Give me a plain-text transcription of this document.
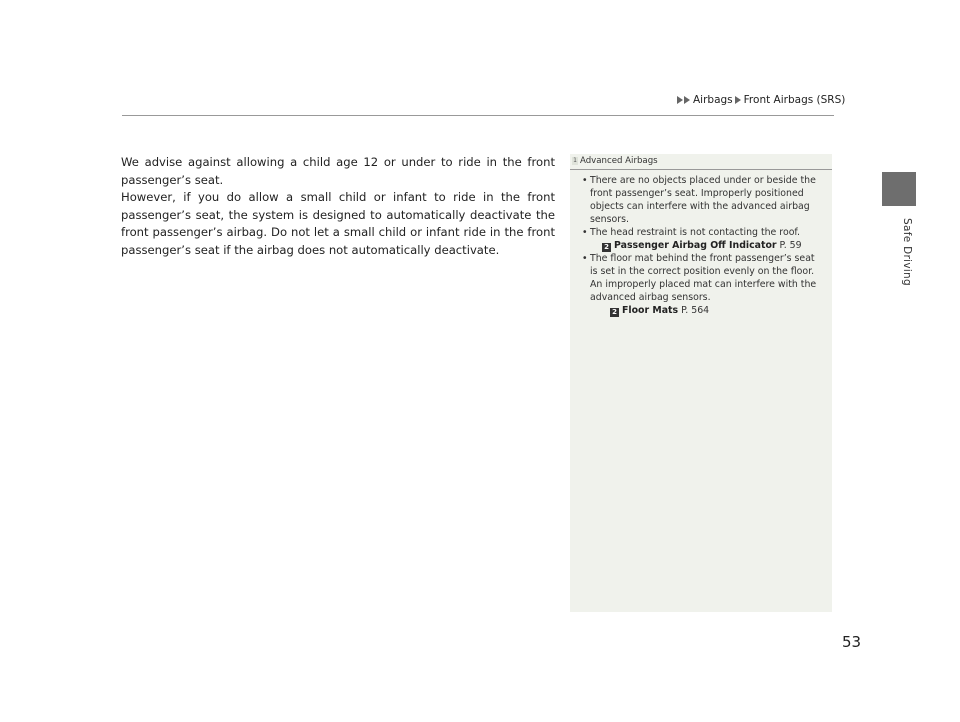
Airbags Front Airbags (SRS)
Safe Driving

We advise against allowing a child age 12 or under to ride in the front passenger’s seat.

However, if you do allow a small child or infant to ride in the front passenger’s seat, the system is designed to automatically deactivate the front passenger’s airbag. Do not let a small child or infant ride in the front passenger’s seat if the airbag does not automatically deactivate.

1 Advanced Airbags
• There are no objects placed under or beside the front passenger’s seat. Improperly positioned objects can interfere with the advanced airbag sensors.
• The head restraint is not contacting the roof.
2 Passenger Airbag Off Indicator P. 59
• The floor mat behind the front passenger’s seat is set in the correct position evenly on the floor. An improperly placed mat can interfere with the advanced airbag sensors.
2 Floor Mats P. 564
53
